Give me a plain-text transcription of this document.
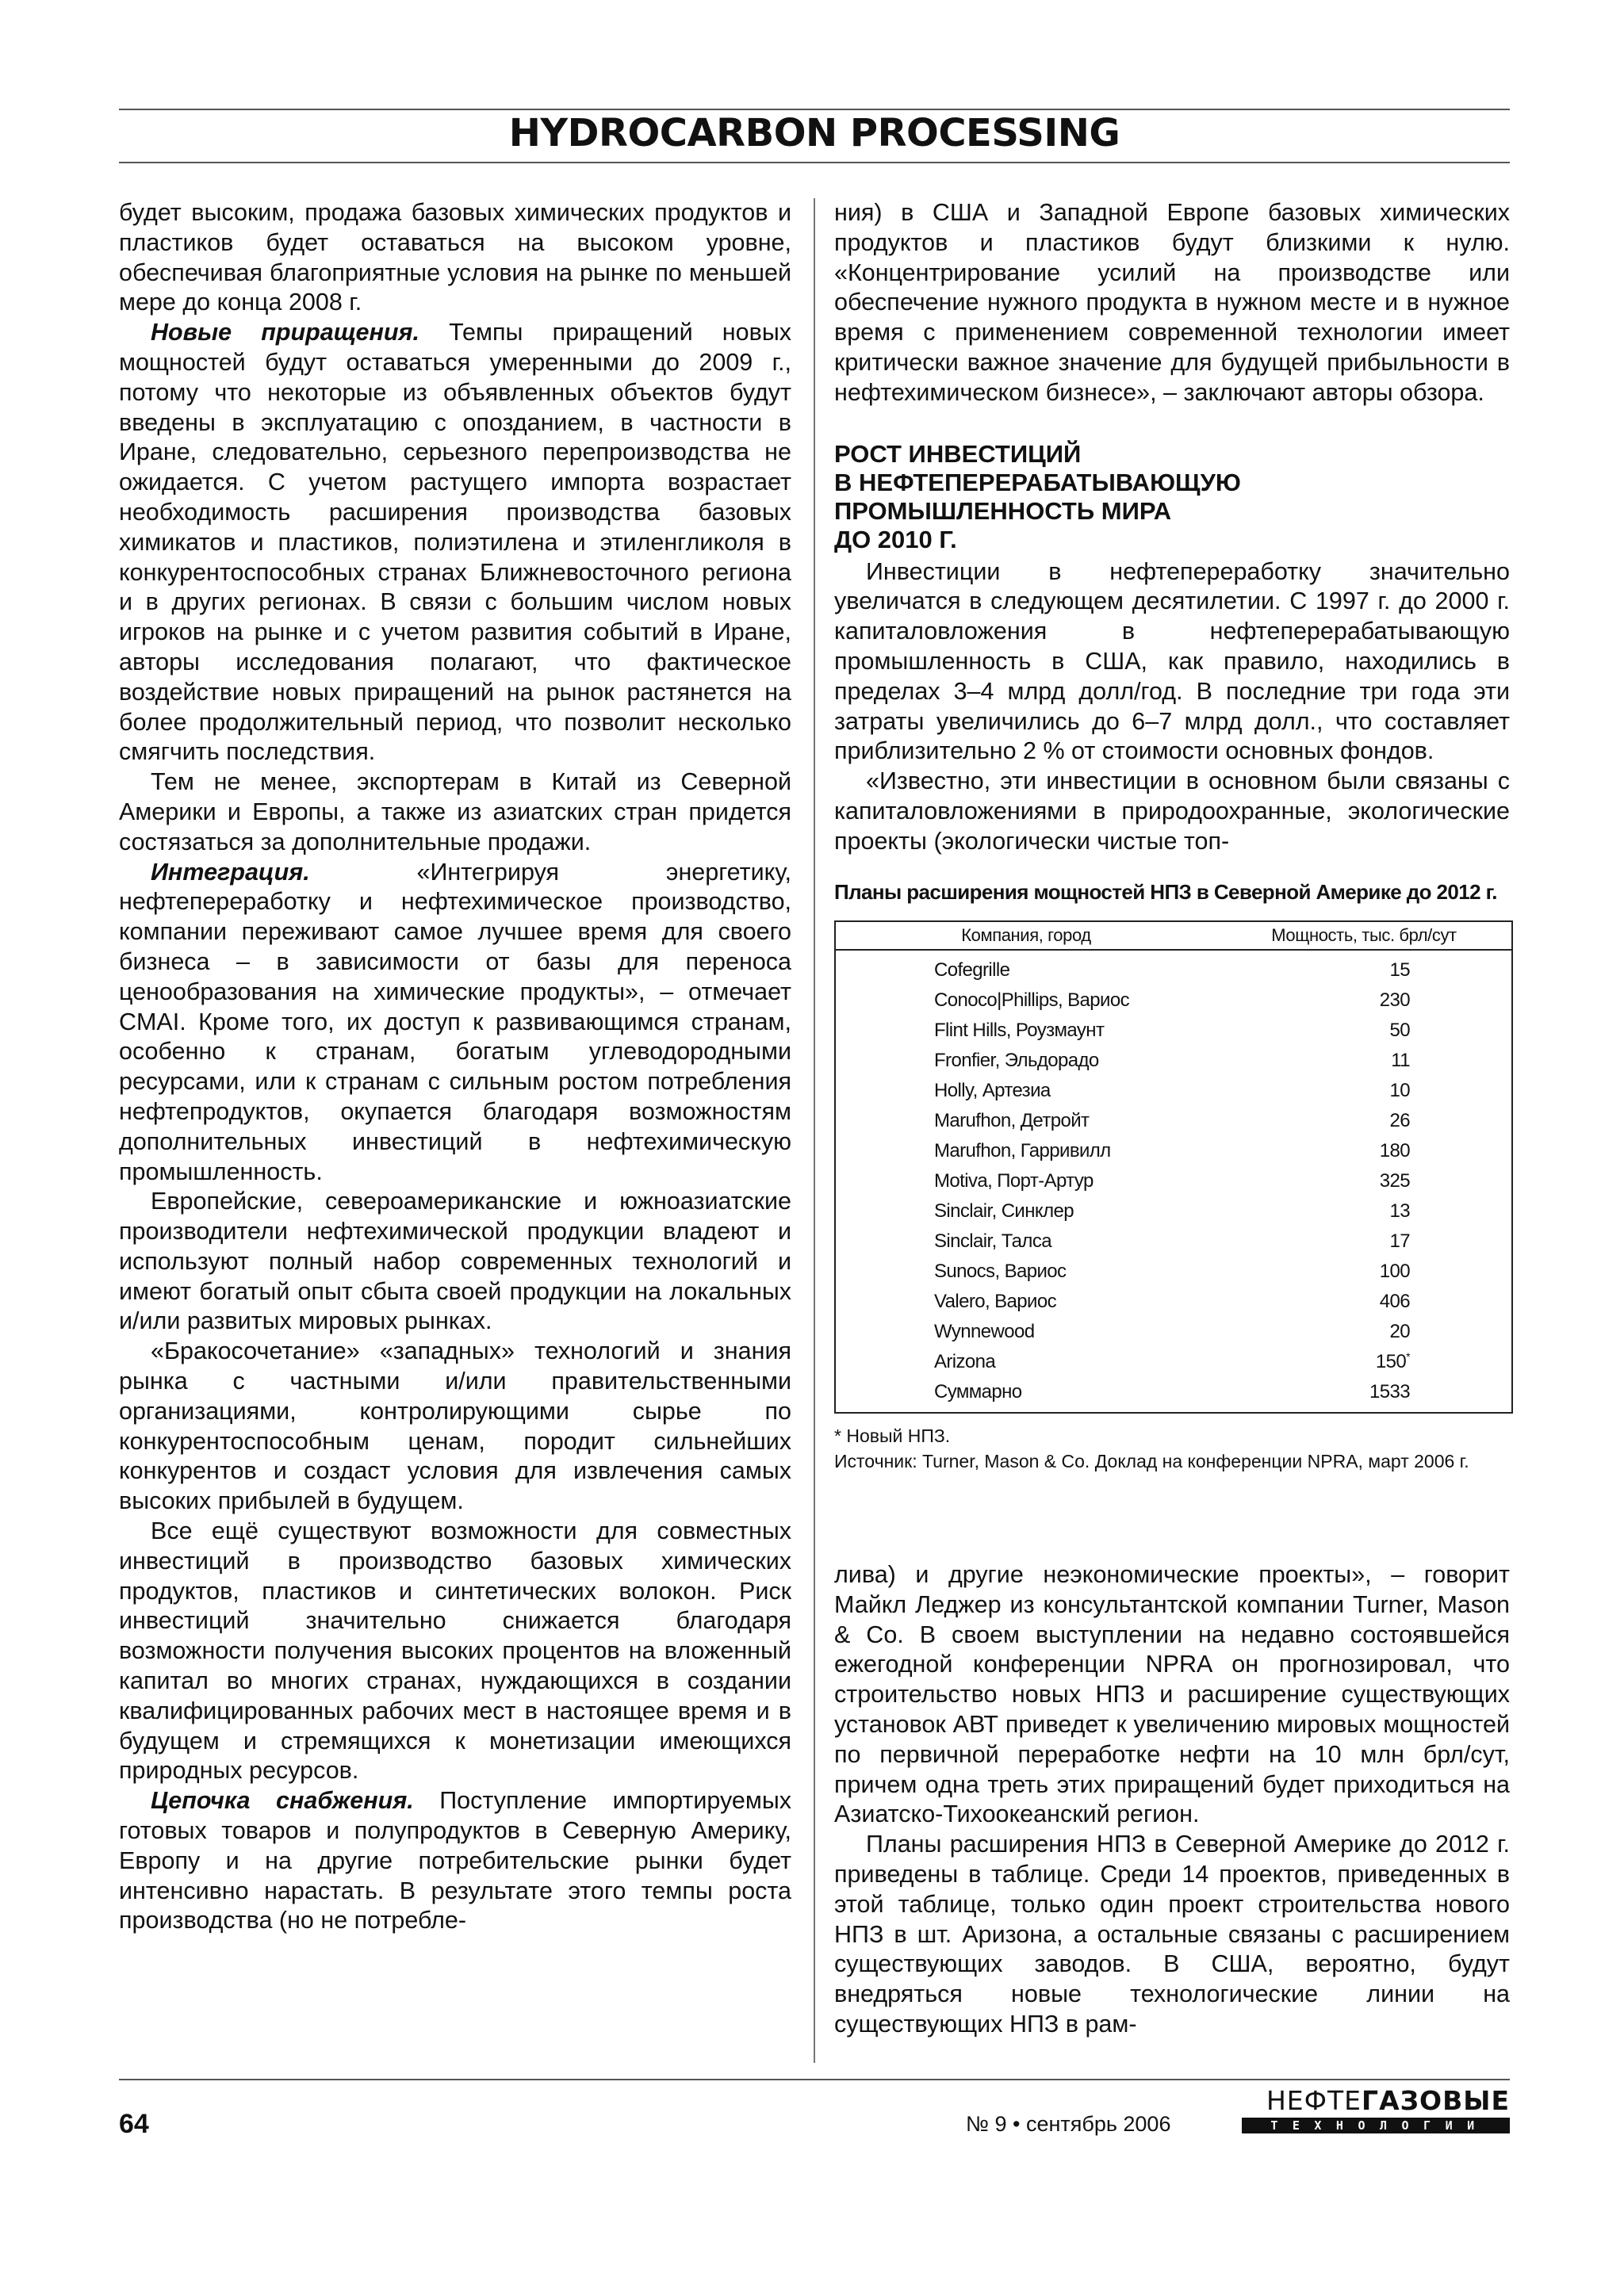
HYDROCARBON PROCESSING

будет высоким, продажа базовых химических продуктов и пластиков будет оставаться на высоком уровне, обеспечивая благоприятные условия на рынке по меньшей мере до конца 2008 г.

Новые приращения. Темпы приращений новых мощностей будут оставаться умеренными до 2009 г., потому что некоторые из объявленных объектов будут введены в эксплуатацию с опозданием, в частности в Иране, следовательно, серьезного перепроизводства не ожидается. С учетом растущего импорта возрастает необходимость расширения производства базовых химикатов и пластиков, полиэтилена и этиленгликоля в конкурентоспособных странах Ближневосточного региона и в других регионах. В связи с большим числом новых игроков на рынке и с учетом развития событий в Иране, авторы исследования полагают, что фактическое воздействие новых приращений на рынок растянется на более продолжительный период, что позволит несколько смягчить последствия.

Тем не менее, экспортерам в Китай из Северной Америки и Европы, а также из азиатских стран придется состязаться за дополнительные продажи.

Интеграция. «Интегрируя энергетику, нефтепереработку и нефтехимическое производство, компании переживают самое лучшее время для своего бизнеса – в зависимости от базы для переноса ценообразования на химические продукты», – отмечает CMAI. Кроме того, их доступ к развивающимся странам, особенно к странам, богатым углеводородными ресурсами, или к странам с сильным ростом потребления нефтепродуктов, окупается благодаря возможностям дополнительных инвестиций в нефтехимическую промышленность.

Европейские, североамериканские и южноазиатские производители нефтехимической продукции владеют и используют полный набор современных технологий и имеют богатый опыт сбыта своей продукции на локальных и/или развитых мировых рынках.

«Бракосочетание» «западных» технологий и знания рынка с частными и/или правительственными организациями, контролирующими сырье по конкурентоспособным ценам, породит сильнейших конкурентов и создаст условия для извлечения самых высоких прибылей в будущем.

Все ещё существуют возможности для совместных инвестиций в производство базовых химических продуктов, пластиков и синтетических волокон. Риск инвестиций значительно снижается благодаря возможности получения высоких процентов на вложенный капитал во многих странах, нуждающихся в создании квалифицированных рабочих мест в настоящее время и в будущем и стремящихся к монетизации имеющихся природных ресурсов.

Цепочка снабжения. Поступление импортируемых готовых товаров и полупродуктов в Северную Америку, Европу и на другие потребительские рынки будет интенсивно нарастать. В результате этого темпы роста производства (но не потребле-

ния) в США и Западной Европе базовых химических продуктов и пластиков будут близкими к нулю. «Концентрирование усилий на производстве или обеспечение нужного продукта в нужном месте и в нужное время с применением современной технологии имеет критически важное значение для будущей прибыльности в нефтехимическом бизнесе», – заключают авторы обзора.

РОСТ ИНВЕСТИЦИЙ
В НЕФТЕПЕРЕРАБАТЫВАЮЩУЮ
ПРОМЫШЛЕННОСТЬ МИРА
ДО 2010 Г.

Инвестиции в нефтепереработку значительно увеличатся в следующем десятилетии. С 1997 г. до 2000 г. капиталовложения в нефтеперерабатывающую промышленность в США, как правило, находились в пределах 3–4 млрд долл/год. В последние три года эти затраты увеличились до 6–7 млрд долл., что составляет приблизительно 2 % от стоимости основных фондов.

«Известно, эти инвестиции в основном были связаны с капиталовложениями в природоохранные, экологические проекты (экологически чистые топ-

Планы расширения мощностей НПЗ в Северной Америке до 2012 г.
Компания, город	Мощность, тыс. брл/сут
Cofegrille	15
Conoco|Phillips, Вариос	230
Flint Hills, Роузмаунт	50
Fronfier, Эльдорадо	11
Holly, Артезиа	10
Marufhon, Детройт	26
Marufhon, Гарривилл	180
Motiva, Порт-Артур	325
Sinclair, Синклер	13
Sinclair, Талса	17
Sunocs, Вариос	100
Valero, Вариос	406
Wynnewood	20
Arizona	150*
Суммарно	1533

* Новый НПЗ.

Источник: Turner, Mason & Co. Доклад на конференции NPRA, март 2006 г.

лива) и другие неэкономические проекты», – говорит Майкл Леджер из консультантской компании Turner, Mason & Co. В своем выступлении на недавно состоявшейся ежегодной конференции NPRA он прогнозировал, что строительство новых НПЗ и расширение существующих установок АВТ приведет к увеличению мировых мощностей по первичной переработке нефти на 10 млн брл/сут, причем одна треть этих приращений будет приходиться на Азиатско-Тихоокеанский регион.

Планы расширения НПЗ в Северной Америке до 2012 г. приведены в таблице. Среди 14 проектов, приведенных в этой таблице, только один проект строительства нового НПЗ в шт. Аризона, а остальные связаны с расширением существующих заводов. В США, вероятно, будут внедряться новые технологические линии на существующих НПЗ в рам-

64	№ 9 • сентябрь 2006
НЕФТЕГАЗОВЫЕ
ТЕХНОЛОГИИ
